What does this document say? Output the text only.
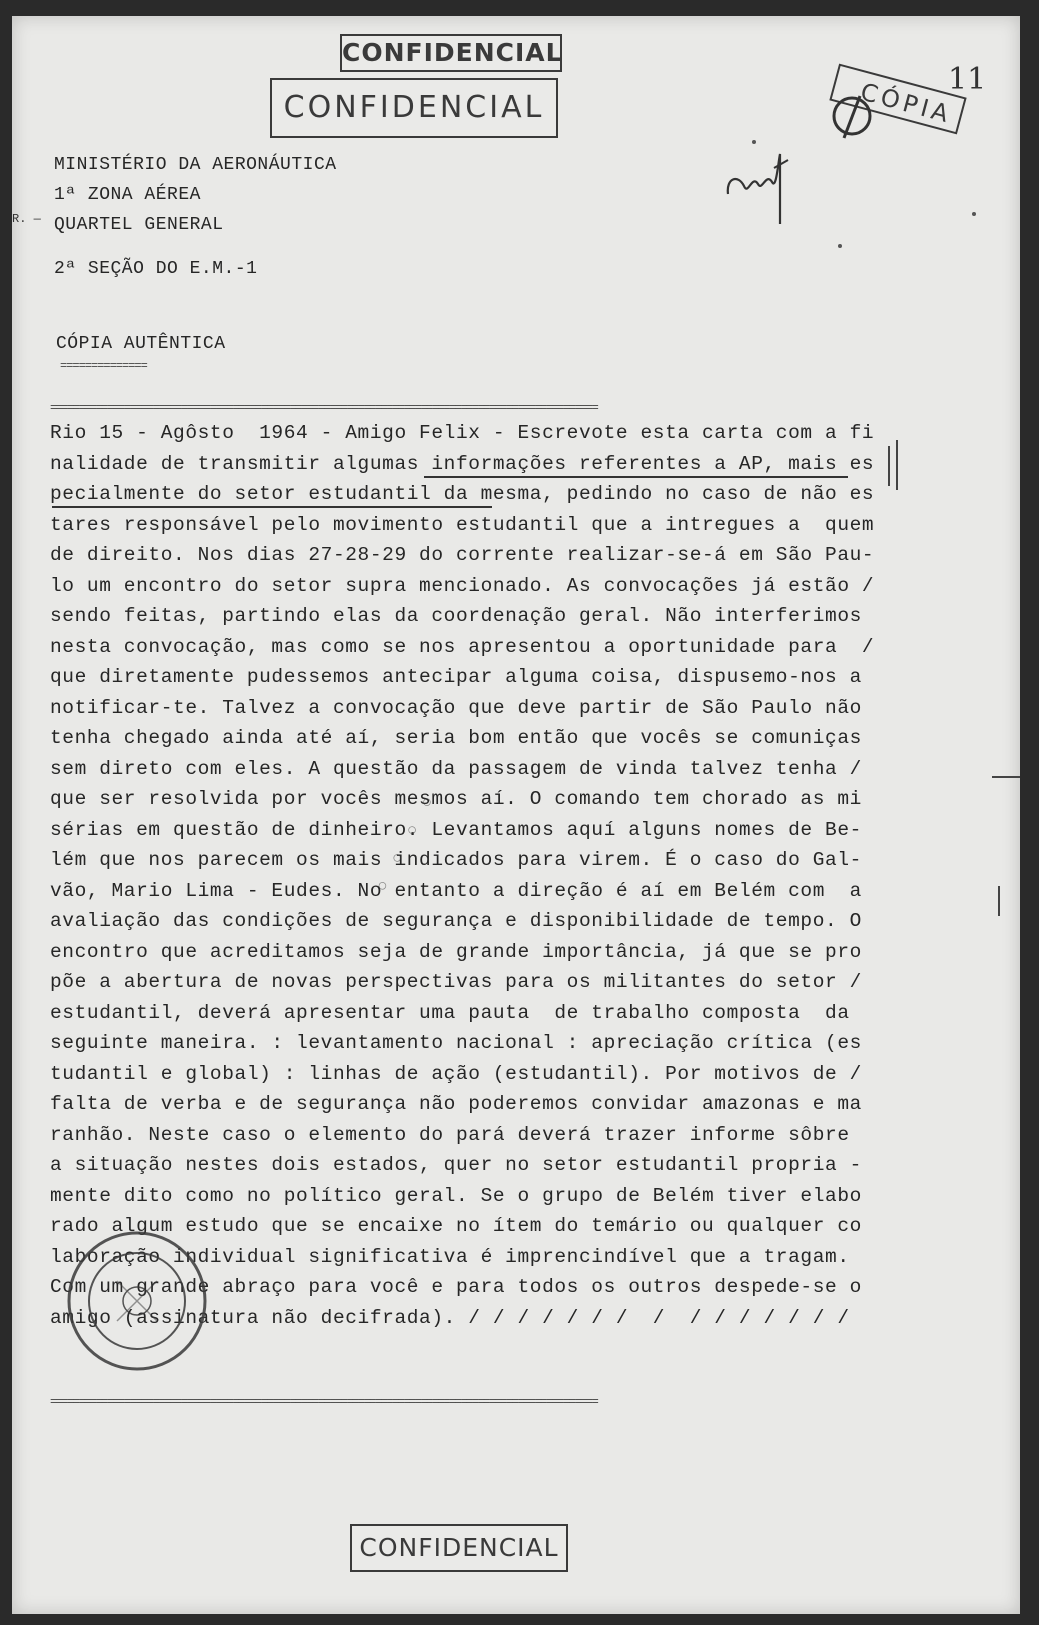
CONFIDENCIAL
CONFIDENCIAL
11
CÓPIA
R. —
MINISTÉRIO DA AERONÁUTICA
1ª ZONA AÉREA
QUARTEL GENERAL
2ª SEÇÃO DO E.M.-1
CÓPIA AUTÊNTICA
==============
================================================================================================
Rio 15 - Agôsto  1964 - Amigo Felix - Escrevote esta carta com a fi
nalidade de transmitir algumas informações referentes a AP, mais es
pecialmente do setor estudantil da mesma, pedindo no caso de não es
tares responsável pelo movimento estudantil que a intregues a  quem
de direito. Nos dias 27-28-29 do corrente realizar-se-á em São Pau-
lo um encontro do setor supra mencionado. As convocações já estão /
sendo feitas, partindo elas da coordenação geral. Não interferimos
nesta convocação, mas como se nos apresentou a oportunidade para  /
que diretamente pudessemos antecipar alguma coisa, dispusemo-nos a
notificar-te. Talvez a convocação que deve partir de São Paulo não
tenha chegado ainda até aí, seria bom então que vocês se comuniças
sem direto com eles. A questão da passagem de vinda talvez tenha /
que ser resolvida por vocês mesmos aí. O comando tem chorado as mi
sérias em questão de dinheiro. Levantamos aquí alguns nomes de Be-
lém que nos parecem os mais indicados para virem. É o caso do Gal-
vão, Mario Lima - Eudes. No entanto a direção é aí em Belém com  a
avaliação das condições de segurança e disponibilidade de tempo. O
encontro que acreditamos seja de grande importância, já que se pro
põe a abertura de novas perspectivas para os militantes do setor /
estudantil, deverá apresentar uma pauta  de trabalho composta  da
seguinte maneira. : levantamento nacional : apreciação crítica (es
tudantil e global) : linhas de ação (estudantil). Por motivos de /
falta de verba e de segurança não poderemos convidar amazonas e ma
ranhão. Neste caso o elemento do pará deverá trazer informe sôbre
a situação nestes dois estados, quer no setor estudantil propria -
mente dito como no político geral. Se o grupo de Belém tiver elabo
rado algum estudo que se encaixe no ítem do temário ou qualquer co
laboração individual significativa é imprencindível que a tragam.
Com um grande abraço para você e para todos os outros despede-se o
amigo (assinatura não decifrada). / / / / / / /  /  / / / / / / /
================================================================================================
◦ ◦ ◦ ◦
CONFIDENCIAL
